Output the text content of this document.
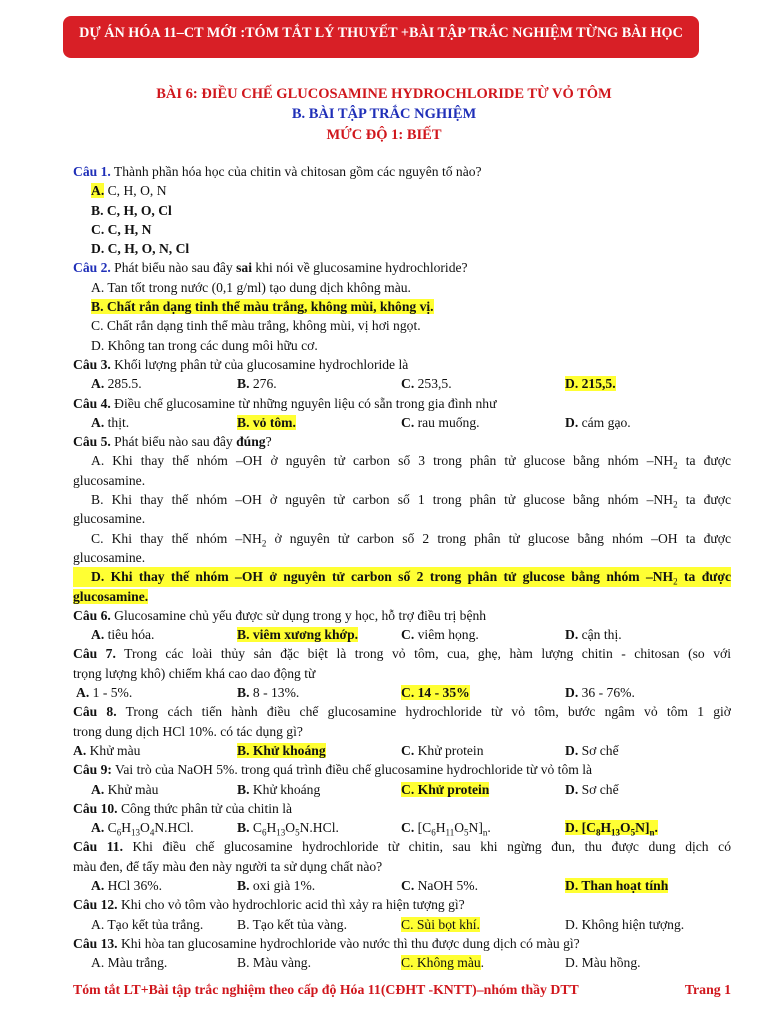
DỰ ÁN HÓA 11–CT MỚI :TÓM TẮT LÝ THUYẾT +BÀI TẬP TRẮC NGHIỆM TỪNG BÀI HỌC
BÀI 6: ĐIỀU CHẾ GLUCOSAMINE HYDROCHLORIDE TỪ VỎ TÔM
B. BÀI TẬP TRẮC NGHIỆM
MỨC ĐỘ 1: BIẾT
Câu 1. Thành phần hóa học của chitin và chitosan gồm các nguyên tố nào?
A. C, H, O, N
B. C, H, O, Cl
C. C, H, N
D. C, H, O, N, Cl
Câu 2. Phát biểu nào sau đây sai khi nói về glucosamine hydrochloride?
A. Tan tốt trong nước (0,1 g/ml) tạo dung dịch không màu.
B. Chất rắn dạng tinh thể màu trắng, không mùi, không vị.
C. Chất rắn dạng tinh thể màu trắng, không mùi, vị hơi ngọt.
D. Không tan trong các dung môi hữu cơ.
Câu 3. Khối lượng phân tử của glucosamine hydrochloride là
A. 285.5.	B. 276.	C. 253,5.	D. 215,5.
Câu 4. Điều chế glucosamine từ những nguyên liệu có sẵn trong gia đình như
A. thịt.	B. vỏ tôm.	C. rau muống.	D. cám gạo.
Câu 5. Phát biểu nào sau đây đúng?
A. Khi thay thế nhóm –OH ở nguyên tử carbon số 3 trong phân tử glucose bằng nhóm $-NH_2$ ta được
glucosamine.
B. Khi thay thế nhóm –OH ở nguyên tử carbon số 1 trong phân tử glucose bằng nhóm $-NH_2$ ta được
glucosamine.
C. Khi thay thế nhóm $-NH_2$ ở nguyên tử carbon số 2 trong phân tử glucose bằng nhóm –OH ta được
glucosamine.
D. Khi thay thế nhóm –OH ở nguyên tử carbon số 2 trong phân tử glucose bằng nhóm $-NH_2$ ta được
glucosamine.
Câu 6. Glucosamine chủ yếu được sử dụng trong y học, hỗ trợ điều trị bệnh
A. tiêu hóa.	B. viêm xương khớp.	C. viêm họng.	D. cận thị.
Câu 7. Trong các loài thủy sản đặc biệt là trong vỏ tôm, cua, ghẹ, hàm lượng chitin - chitosan (so với
trọng lượng khô) chiếm khá cao dao động từ
A. 1 - 5%.	B. 8 - 13%.	C. 14 - 35%	D. 36 - 76%.
Câu 8. Trong cách tiến hành điều chế glucosamine hydrochloride từ vỏ tôm, bước ngâm vỏ tôm 1 giờ
trong dung dịch HCl 10%. có tác dụng gì?
A. Khử màu	B. Khử khoáng	C. Khử protein	D. Sơ chế
Câu 9: Vai trò của NaOH 5%. trong quá trình điều chế glucosamine hydrochloride từ vỏ tôm là
A. Khử màu	B. Khử khoáng	C. Khử protein	D. Sơ chế
Câu 10. Công thức phân tử của chitin là
A. $C_6H_{13}O_4N.HCl$.	B. $C_6H_{13}O_5N.HCl$.	C. $[C_6H_{11}O_5N]_n$.	D. $[C_8H_{13}O_5N]_n$.
Câu 11. Khi điều chế glucosamine hydrochloride từ chitin, sau khi ngừng đun, thu được dung dịch có
màu đen, để tẩy màu đen này người ta sử dụng chất nào?
A. HCl 36%.	B. oxi già 1%.	C. NaOH 5%.	D. Than hoạt tính
Câu 12. Khi cho vỏ tôm vào hydrochloric acid thì xảy ra hiện tượng gì?
A. Tạo kết tủa trắng.	B. Tạo kết tủa vàng.	C. Sủi bọt khí.	D. Không hiện tượng.
Câu 13. Khi hòa tan glucosamine hydrochloride vào nước thì thu được dung dịch có màu gì?
A. Màu trắng.	B. Màu vàng.	C. Không màu.	D. Màu hồng.
Tóm tắt LT+Bài tập trắc nghiệm theo cấp độ Hóa 11(CĐHT -KNTT)–nhóm thầy DTT	Trang 1
